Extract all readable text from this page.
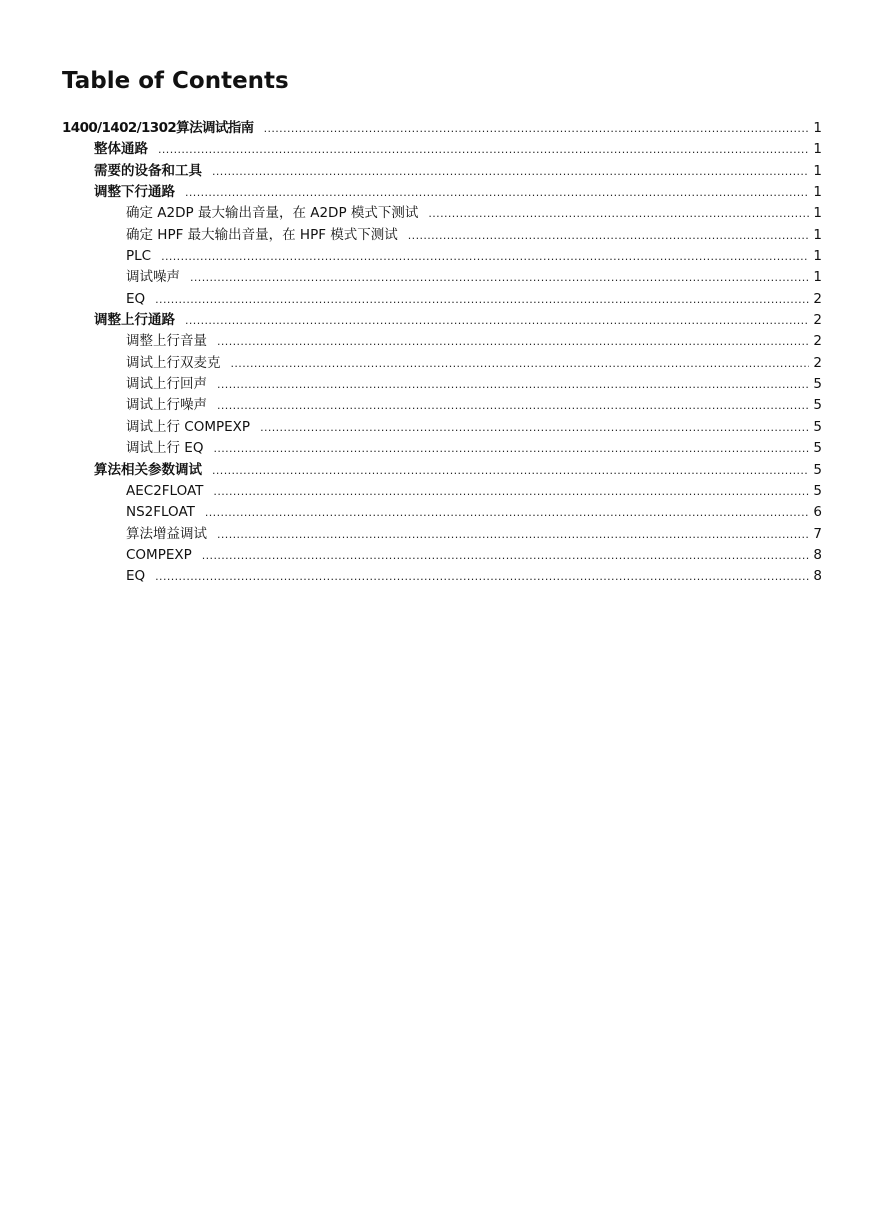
Table of Contents
1400/1402/1302算法调试指南 .....	1
整体通路 .....	1
需要的设备和工具 .....	1
调整下行通路 .....	1
确定 A2DP 最大输出音量，在 A2DP 模式下测试 .....	1
确定 HPF 最大输出音量，在 HPF 模式下测试 .....	1
PLC .....	1
调试噪声 .....	1
EQ .....	2
调整上行通路 .....	2
调整上行音量 .....	2
调试上行双麦克 .....	2
调试上行回声 .....	5
调试上行噪声 .....	5
调试上行 COMPEXP .....	5
调试上行 EQ .....	5
算法相关参数调试 .....	5
AEC2FLOAT .....	5
NS2FLOAT .....	6
算法增益调试 .....	7
COMPEXP .....	8
EQ .....	8
